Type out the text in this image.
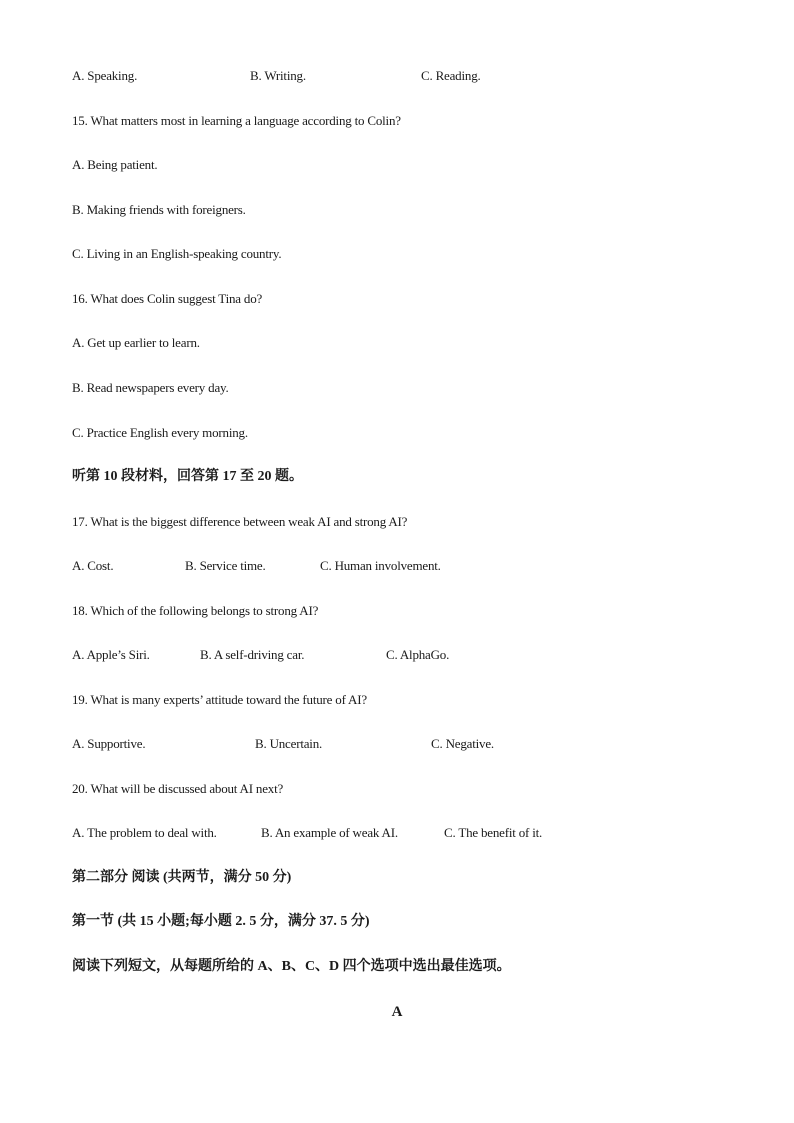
A. Speaking.	B. Writing.	C. Reading.
15. What matters most in learning a language according to Colin?
A. Being patient.
B. Making friends with foreigners.
C. Living in an English-speaking country.
16. What does Colin suggest Tina do?
A. Get up earlier to learn.
B. Read newspapers every day.
C. Practice English every morning.
听第 10 段材料，回答第 17 至 20 题。
17. What is the biggest difference between weak AI and strong AI?
A. Cost.	B. Service time.	C. Human involvement.
18. Which of the following belongs to strong AI?
A. Apple’s Siri.	B. A self-driving car.	C. AlphaGo.
19. What is many experts’ attitude toward the future of AI?
A. Supportive.	B. Uncertain.	C. Negative.
20. What will be discussed about AI next?
A. The problem to deal with.	B. An example of weak AI.	C. The benefit of it.
第二部分 阅读 (共两节，满分 50 分)
第一节 (共 15 小题;每小题 2. 5 分，满分 37. 5 分)
阅读下列短文，从每题所给的 A、B、C、D 四个选项中选出最佳选项。
A
